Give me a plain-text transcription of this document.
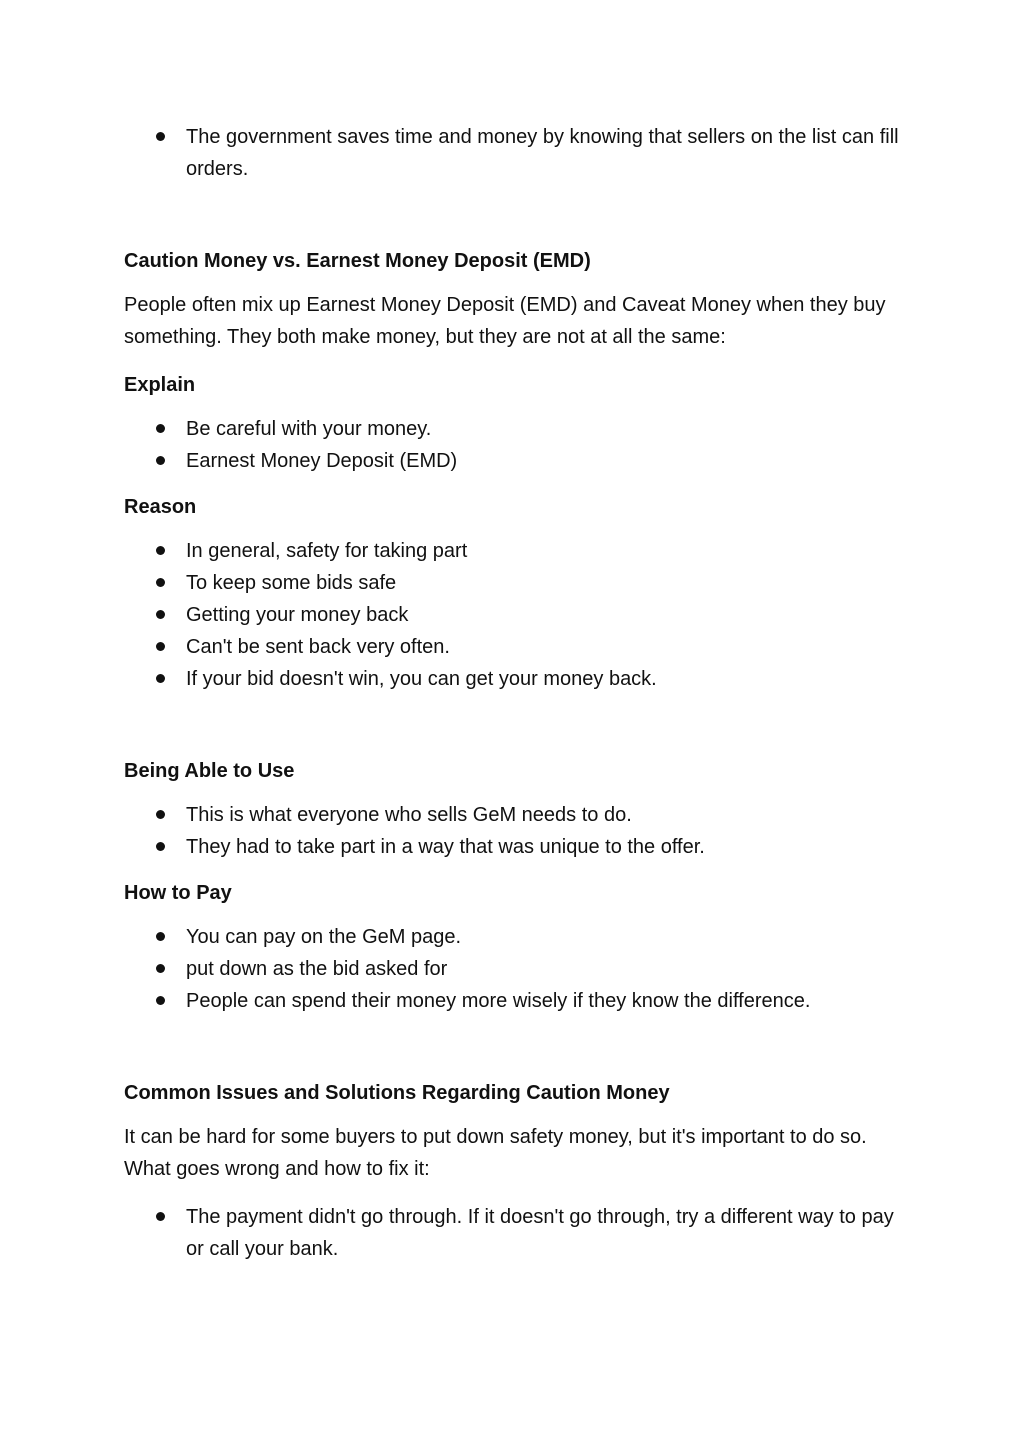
The government saves time and money by knowing that sellers on the list can fill orders.
Caution Money vs. Earnest Money Deposit (EMD)

People often mix up Earnest Money Deposit (EMD) and Caveat Money when they buy something. They both make money, but they are not at all the same:

Explain
Be careful with your money.
Earnest Money Deposit (EMD)
Reason
In general, safety for taking part
To keep some bids safe
Getting your money back
Can't be sent back very often.
If your bid doesn't win, you can get your money back.
Being Able to Use
This is what everyone who sells GeM needs to do.
They had to take part in a way that was unique to the offer.
How to Pay
You can pay on the GeM page.
put down as the bid asked for
People can spend their money more wisely if they know the difference.
Common Issues and Solutions Regarding Caution Money

It can be hard for some buyers to put down safety money, but it's important to do so. What goes wrong and how to fix it:

The payment didn't go through. If it doesn't go through, try a different way to pay or call your bank.
